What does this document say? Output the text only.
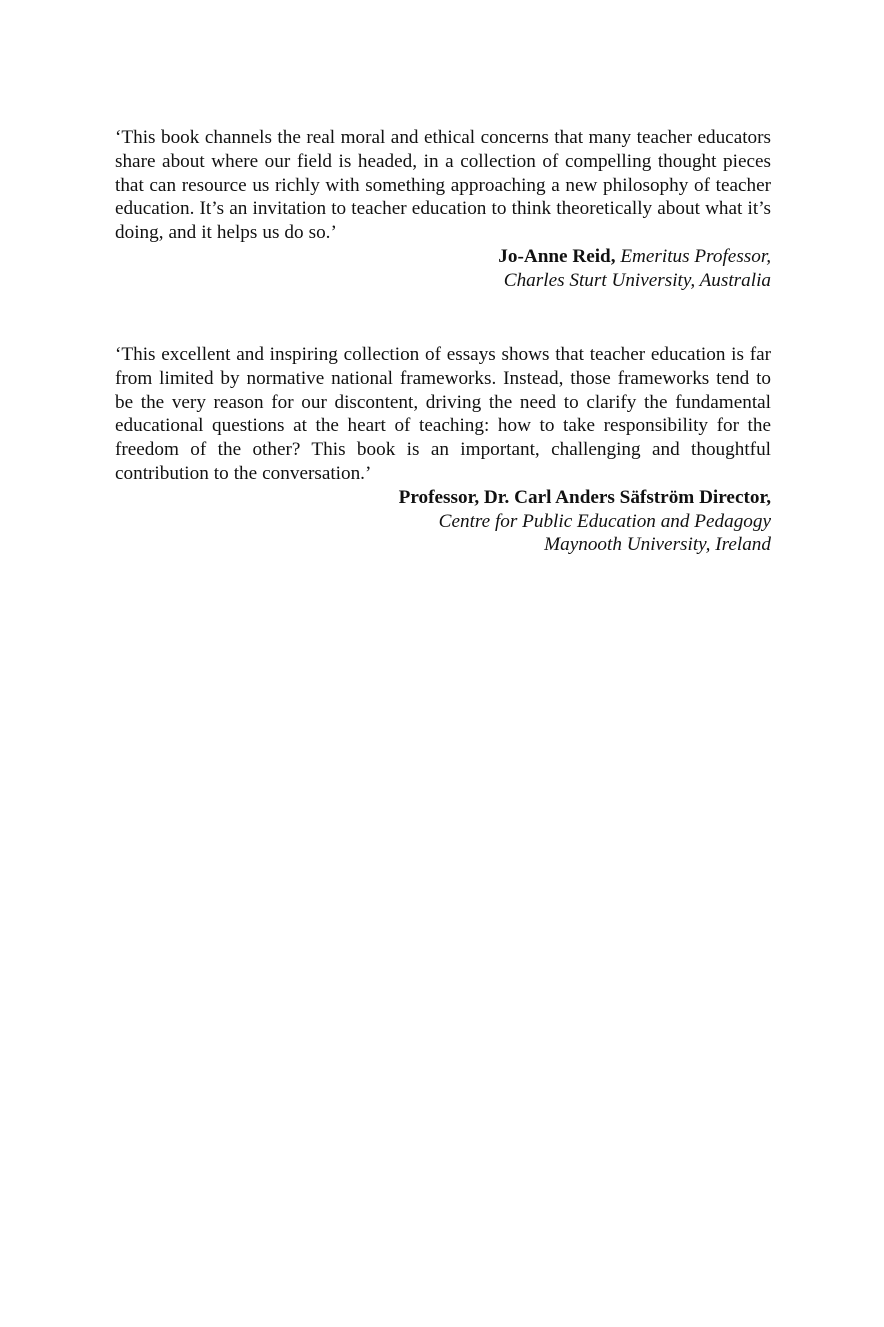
‘This book channels the real moral and ethical concerns that many teacher educators share about where our field is headed, in a collection of compelling thought pieces that can resource us richly with something approaching a new philosophy of teacher education. It’s an invitation to teacher education to think theoretically about what it’s doing, and it helps us do so.’

Jo-Anne Reid, Emeritus Professor,
Charles Sturt University, Australia

‘This excellent and inspiring collection of essays shows that teacher education is far from limited by normative national frameworks. Instead, those frameworks tend to be the very reason for our discontent, driving the need to clarify the fundamental educational questions at the heart of teaching: how to take responsibility for the freedom of the other? This book is an important, challenging and thoughtful contribution to the conversation.’

Professor, Dr. Carl Anders Säfström Director,
Centre for Public Education and Pedagogy
Maynooth University, Ireland
